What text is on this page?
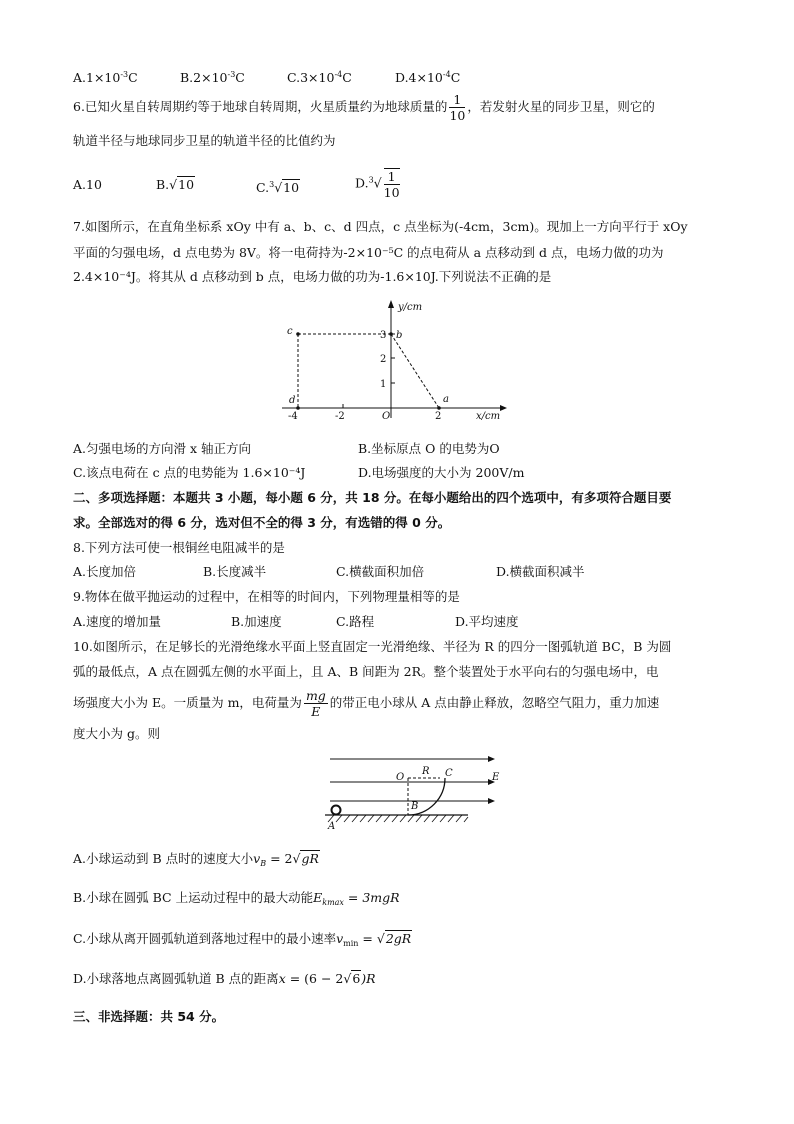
$A.1\times 10^{-3}C$	$B.2\times 10^{-3}C$	$C.3\times 10^{-4}C$	$D.4\times 10^{-4}C$
6.已知火星自转周期约等于地球自转周期，火星质量约为地球质量的 $\frac{1}{10}$ ，若发射火星的同步卫星，则它的
轨道半径与地球同步卫星的轨道半径的比值约为
A.10	B.√10	C.$^3$√10	$D.^3√ \frac{1}{10}$
7.如图所示，在直角坐标系 xOy 中有 a、b、c、d 四点，c 点坐标为(-4cm，3cm)。现加上一方向平行于 xOy
平面的匀强电场，d 点电势为 8V。将一电荷持为-2×10⁻⁵C 的点电荷从 a 点移动到 d 点，电场力做的功为
2.4×10⁻⁴J。将其从 d 点移动到 b 点，电场力做的功为-1.6×10J.下列说法不正确的是
y/cm
x/cm
3
2
1
-4	-2	O	2
c	b
d	a
A.匀强电场的方向滑 x 轴正方向	B.坐标原点 O 的电势为O
C.该点电荷在 c 点的电势能为 1.6×10⁻⁴J	D.电场强度的大小为 200V/m
二、多项选择题：本题共 3 小题，每小题 6 分，共 18 分。在每小题给出的四个选项中，有多项符合题目要
求。全部选对的得 6 分，选对但不全的得 3 分，有选错的得 0 分。
8.下列方法可使一根铜丝电阻减半的是
A.长度加倍	B.长度减半	C.横截面积加倍	D.横截面积减半
9.物体在做平抛运动的过程中，在相等的时间内，下列物理量相等的是
A.速度的增加量	B.加速度	C.路程	D.平均速度
10.如图所示，在足够长的光滑绝缘水平面上竖直固定一光滑绝缘、半径为 R 的四分一图弧轨道 BC，B 为圆
弧的最低点，A 点在圆弧左侧的水平面上，且 A、B 间距为 2R。整个装置处于水平向右的匀强电场中，电
场强度大小为 E。一质量为 m，电荷量为 $\frac{mg}{E}$ 的带正电小球从 A 点由静止释放，忽略空气阻力，重力加速
度大小为 g。则
O
R C	E
B
A
A.小球运动到 B 点时的速度大小$v_B = 2√gR$
B.小球在圆弧 BC 上运动过程中的最大动能$E_{kmax} = 3mgR$
C.小球从离开圆弧轨道到落地过程中的最小速率$v_{min} = √2gR$
D.小球落地点离圆弧轨道 B 点的距离x = (6 − 2√6)R
三、非选择题：共 54 分。
